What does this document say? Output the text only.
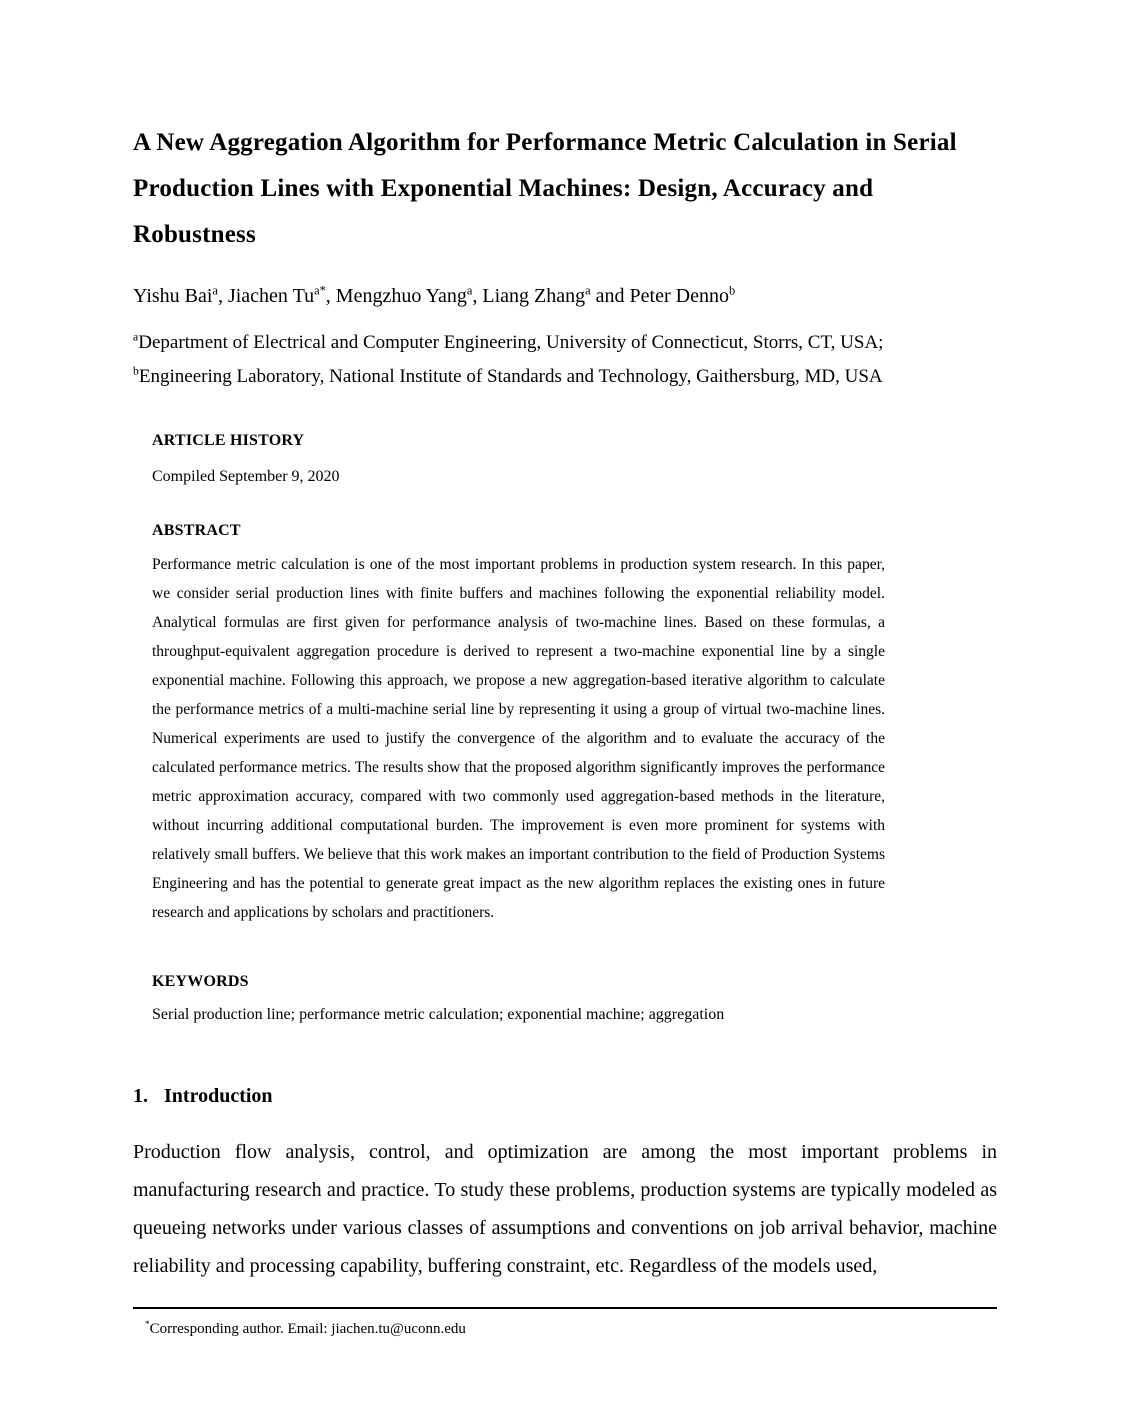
A New Aggregation Algorithm for Performance Metric Calculation in Serial
Production Lines with Exponential Machines: Design, Accuracy and Robustness

Yishu Bai$^a$, Jiachen $Tu^{a*}$, Mengzhuo Yang$^a$, Liang Zhang$^a$ and Peter Denno$^b$

$^a$Department of Electrical and Computer Engineering, University of Connecticut, Storrs, CT, USA;
$^b$Engineering Laboratory, National Institute of Standards and Technology, Gaithersburg, MD, USA

ARTICLE HISTORY

Compiled September 9, 2020

ABSTRACT

Performance metric calculation is one of the most important problems in production system research. In this paper, we consider serial production lines with finite buffers and machines following the exponential reliability model. Analytical formulas are first given for performance analysis of two-machine lines. Based on these formulas, a throughput-equivalent aggregation procedure is derived to represent a two-machine exponential line by a single exponential machine. Following this approach, we propose a new aggregation-based iterative algorithm to calculate the performance metrics of a multi-machine serial line by representing it using a group of virtual two-machine lines. Numerical experiments are used to justify the convergence of the algorithm and to evaluate the accuracy of the calculated performance metrics. The results show that the proposed algorithm significantly improves the performance metric approximation accuracy, compared with two commonly used aggregation-based methods in the literature, without incurring additional computational burden. The improvement is even more prominent for systems with relatively small buffers. We believe that this work makes an important contribution to the field of Production Systems Engineering and has the potential to generate great impact as the new algorithm replaces the existing ones in future research and applications by scholars and practitioners.

KEYWORDS

Serial production line; performance metric calculation; exponential machine; aggregation

1. Introduction

Production flow analysis, control, and optimization are among the most important problems in manufacturing research and practice. To study these problems, production systems are typically modeled as queueing networks under various classes of assumptions and conventions on job arrival behavior, machine reliability and processing capability, buffering constraint, etc. Regardless of the models used,

*Corresponding author. Email: jiachen.tu@uconn.edu
